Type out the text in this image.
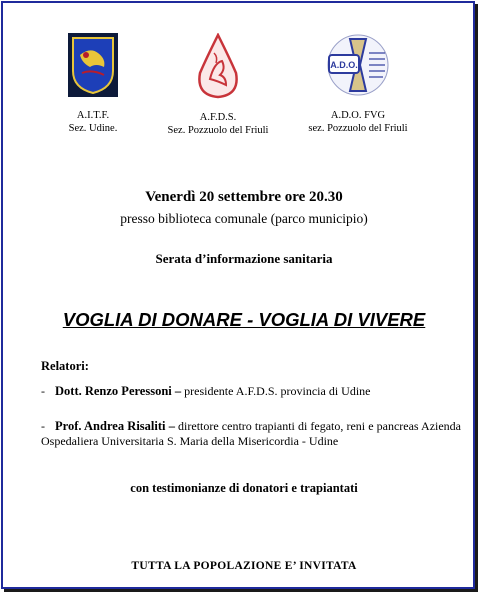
A.I.T.F.
Sez. Udine.
A.F.D.S.
Sez. Pozzuolo del Friuli
A.D.O.
A.D.O. FVG
sez. Pozzuolo del Friuli
Venerdì 20 settembre ore 20.30
presso biblioteca comunale (parco municipio)
Serata d’informazione sanitaria
VOGLIA DI DONARE - VOGLIA DI VIVERE
Relatori:
- Dott. Renzo Peressoni – presidente A.F.D.S. provincia di Udine
- Prof. Andrea Risaliti – direttore centro trapianti di fegato, reni e pancreas Azienda Ospedaliera Universitaria S. Maria della Misericordia - Udine
con testimonianze di donatori e trapiantati
TUTTA LA POPOLAZIONE E’ INVITATA
